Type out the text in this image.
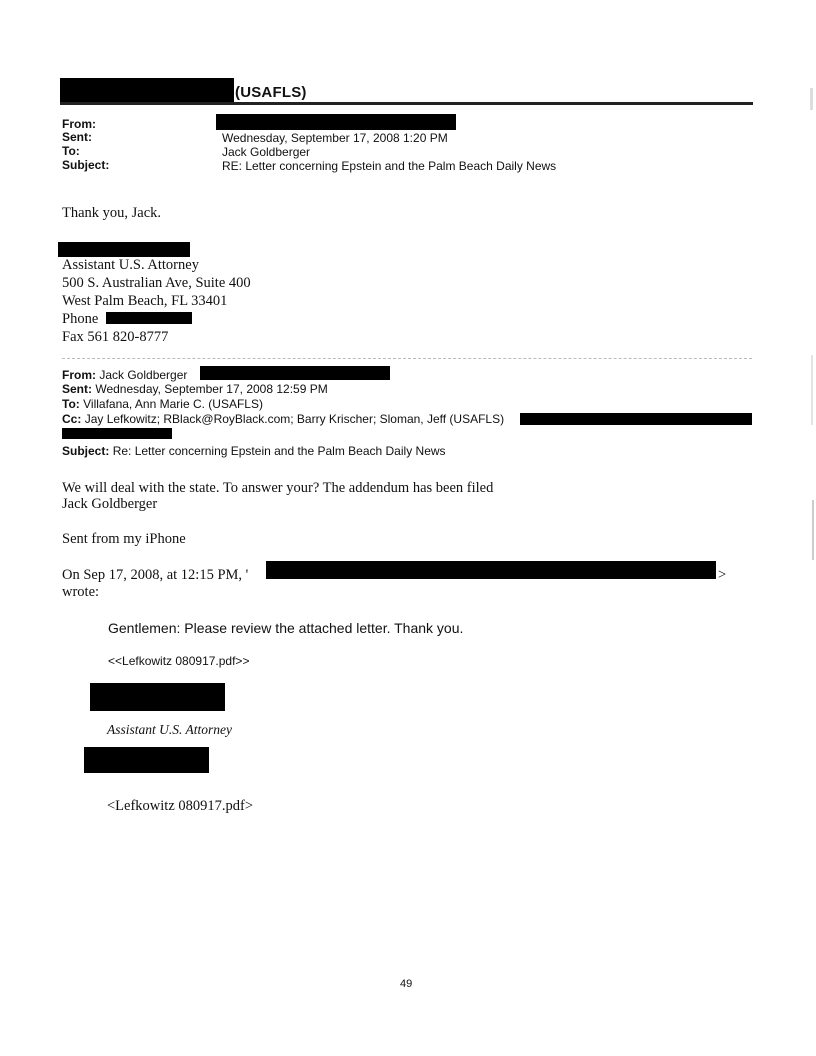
(USAFLS)
From:
Sent:
To:
Subject:
Wednesday, September 17, 2008 1:20 PM
Jack Goldberger
RE: Letter concerning Epstein and the Palm Beach Daily News
Thank you, Jack.
Assistant U.S. Attorney
500 S. Australian Ave, Suite 400
West Palm Beach, FL 33401
Phone
Fax 561 820-8777
From: Jack Goldberger
Sent: Wednesday, September 17, 2008 12:59 PM
To: Villafana, Ann Marie C. (USAFLS)
Cc: Jay Lefkowitz; RBlack@RoyBlack.com; Barry Krischer; Sloman, Jeff (USAFLS)
Subject: Re: Letter concerning Epstein and the Palm Beach Daily News
We will deal with the state. To answer your? The addendum has been filed
Jack Goldberger
Sent from my iPhone
On Sep 17, 2008, at 12:15 PM, '	>
wrote:
Gentlemen: Please review the attached letter. Thank you.
<<Lefkowitz 080917.pdf>>
Assistant U.S. Attorney
<Lefkowitz 080917.pdf>
49
